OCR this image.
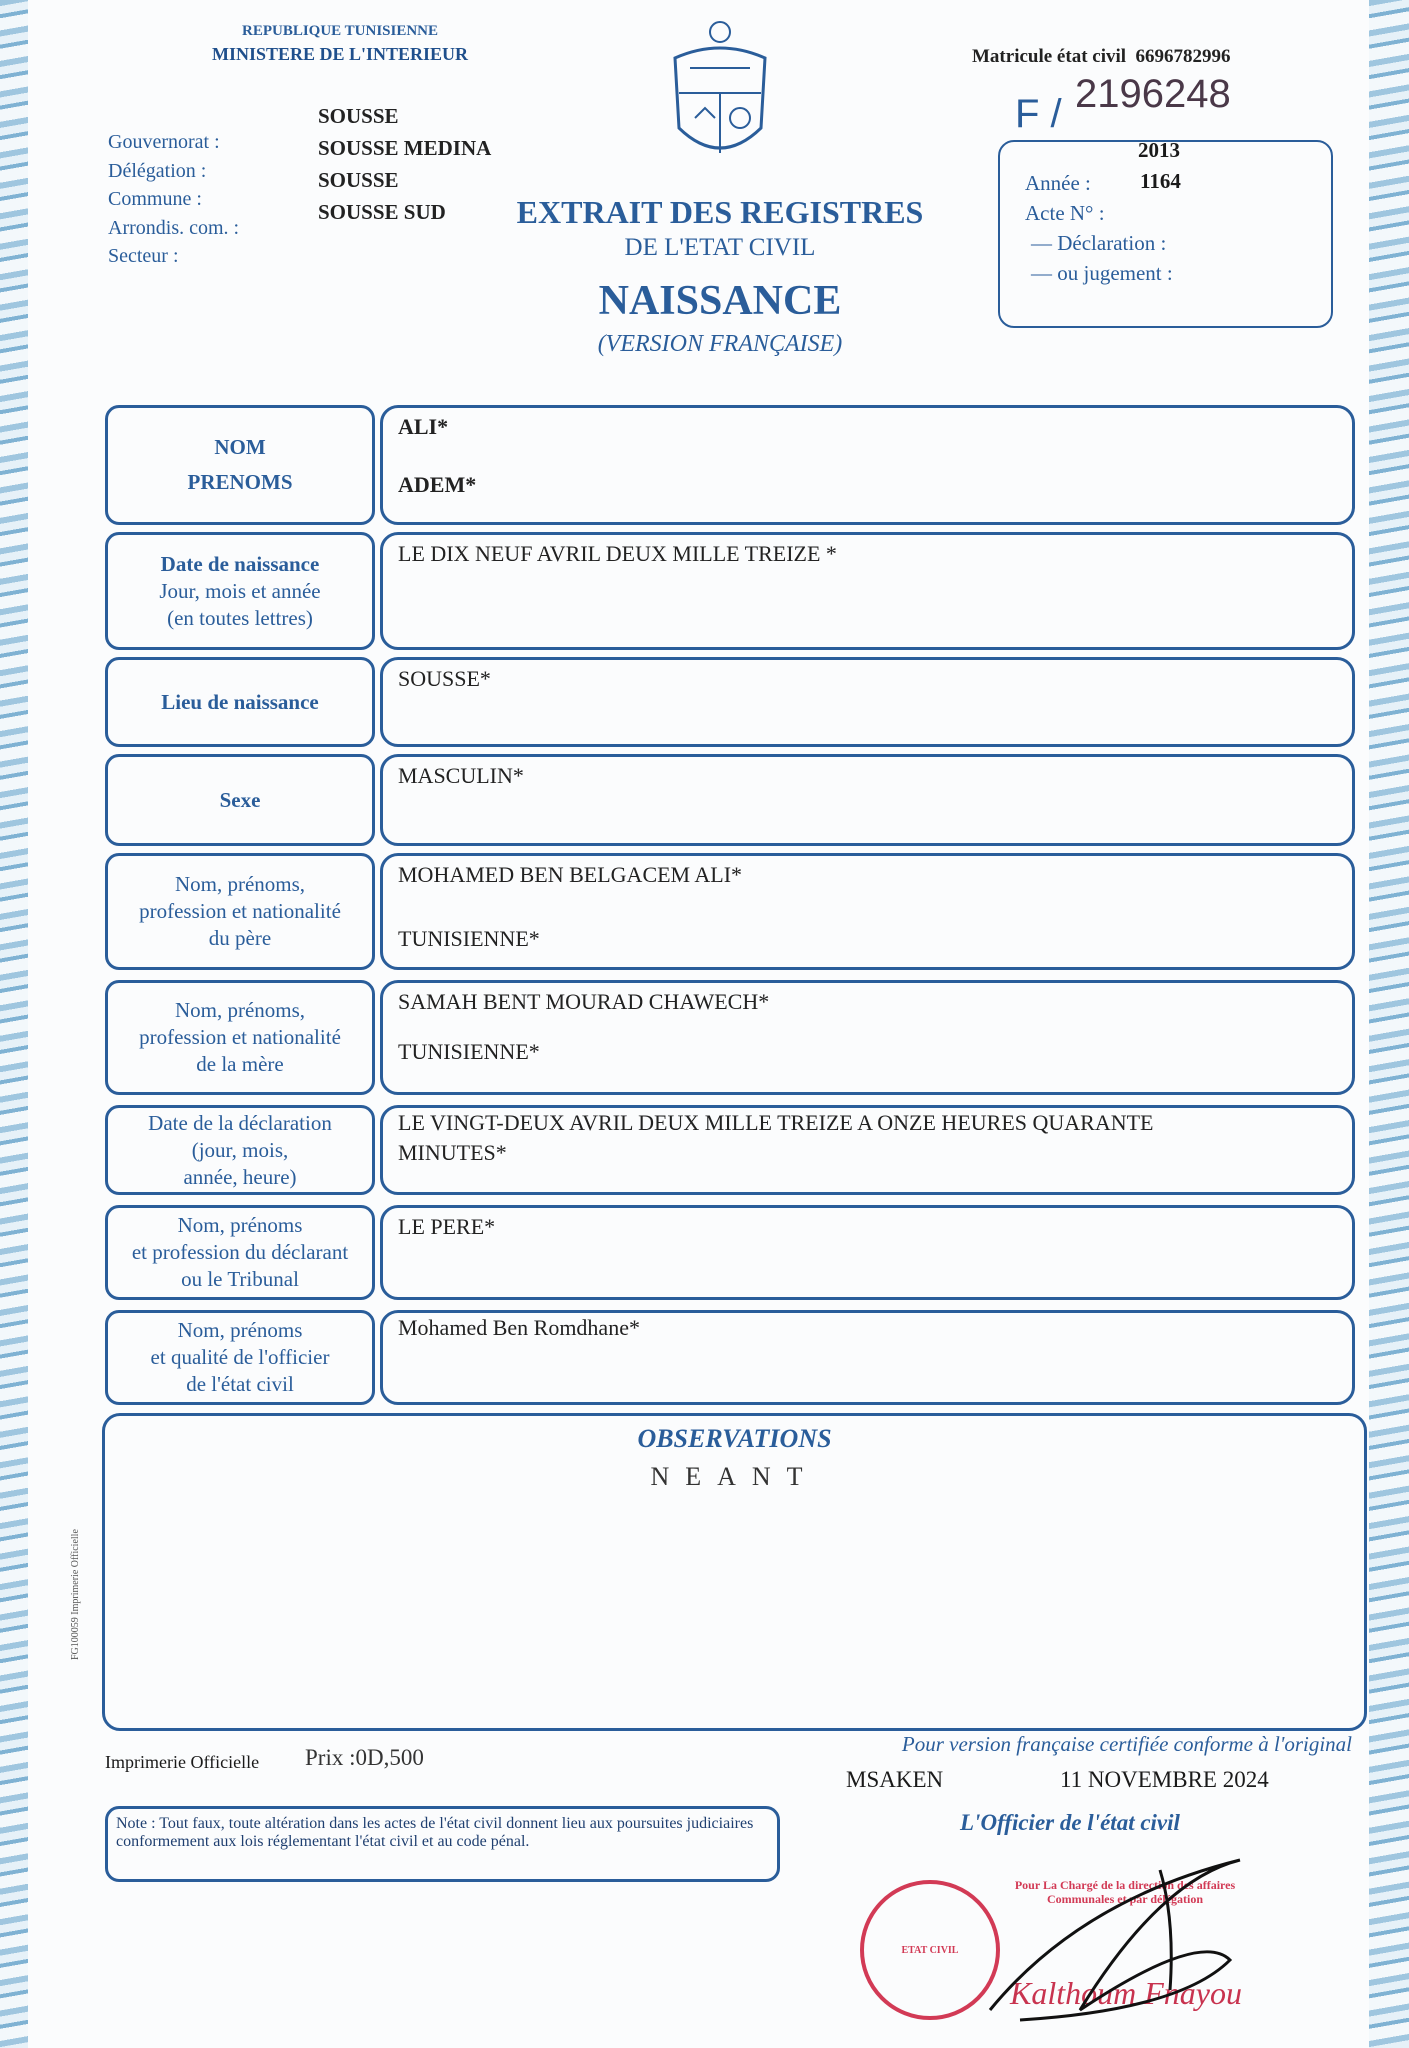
REPUBLIQUE TUNISIENNE
MINISTERE DE L'INTERIEUR
Gouvernorat :
Délégation :
Commune :
Arrondis. com. :
Secteur :
SOUSSE
SOUSSE MEDINA
SOUSSE
SOUSSE SUD	EXTRAIT DES REGISTRES
DE L'ETAT CIVIL
NAISSANCE
(VERSION FRANÇAISE)
Matricule état civil 6696782996
F / 2196248
Année :
Acte N° :
— Déclaration :
— ou jugement :
2013
1164
NOM
PRENOMS
ALI*
ADEM*
Date de naissance
Jour, mois et année
(en toutes lettres)
LE DIX NEUF AVRIL DEUX MILLE TREIZE *
Lieu de naissance
SOUSSE*
Sexe
MASCULIN*
Nom, prénoms,
profession et nationalité
du père
MOHAMED BEN BELGACEM ALI*
TUNISIENNE*
Nom, prénoms,
profession et nationalité
de la mère
SAMAH BENT MOURAD CHAWECH*
TUNISIENNE*
Date de la déclaration
(jour, mois,
année, heure)
LE VINGT-DEUX AVRIL DEUX MILLE TREIZE A ONZE HEURES QUARANTE
MINUTES*
Nom, prénoms
et profession du déclarant
ou le Tribunal
LE PERE*
Nom, prénoms
et qualité de l'officier
de l'état civil
Mohamed Ben Romdhane*
OBSERVATIONS
NEANT
FG100059 Imprimerie Officielle
Imprimerie Officielle Prix :0D,500
Pour version française certifiée conforme à l'original
MSAKEN	11 NOVEMBRE 2024
Note : Tout faux, toute altération dans les actes de l'état civil donnent lieu aux poursuites judiciaires conformement aux lois réglementant l'état civil et au code pénal.
L'Officier de l'état civil
ETAT CIVIL
Pour La Chargé de la direction des affaires Communales et par délégation
Kalthoum Fnayou
